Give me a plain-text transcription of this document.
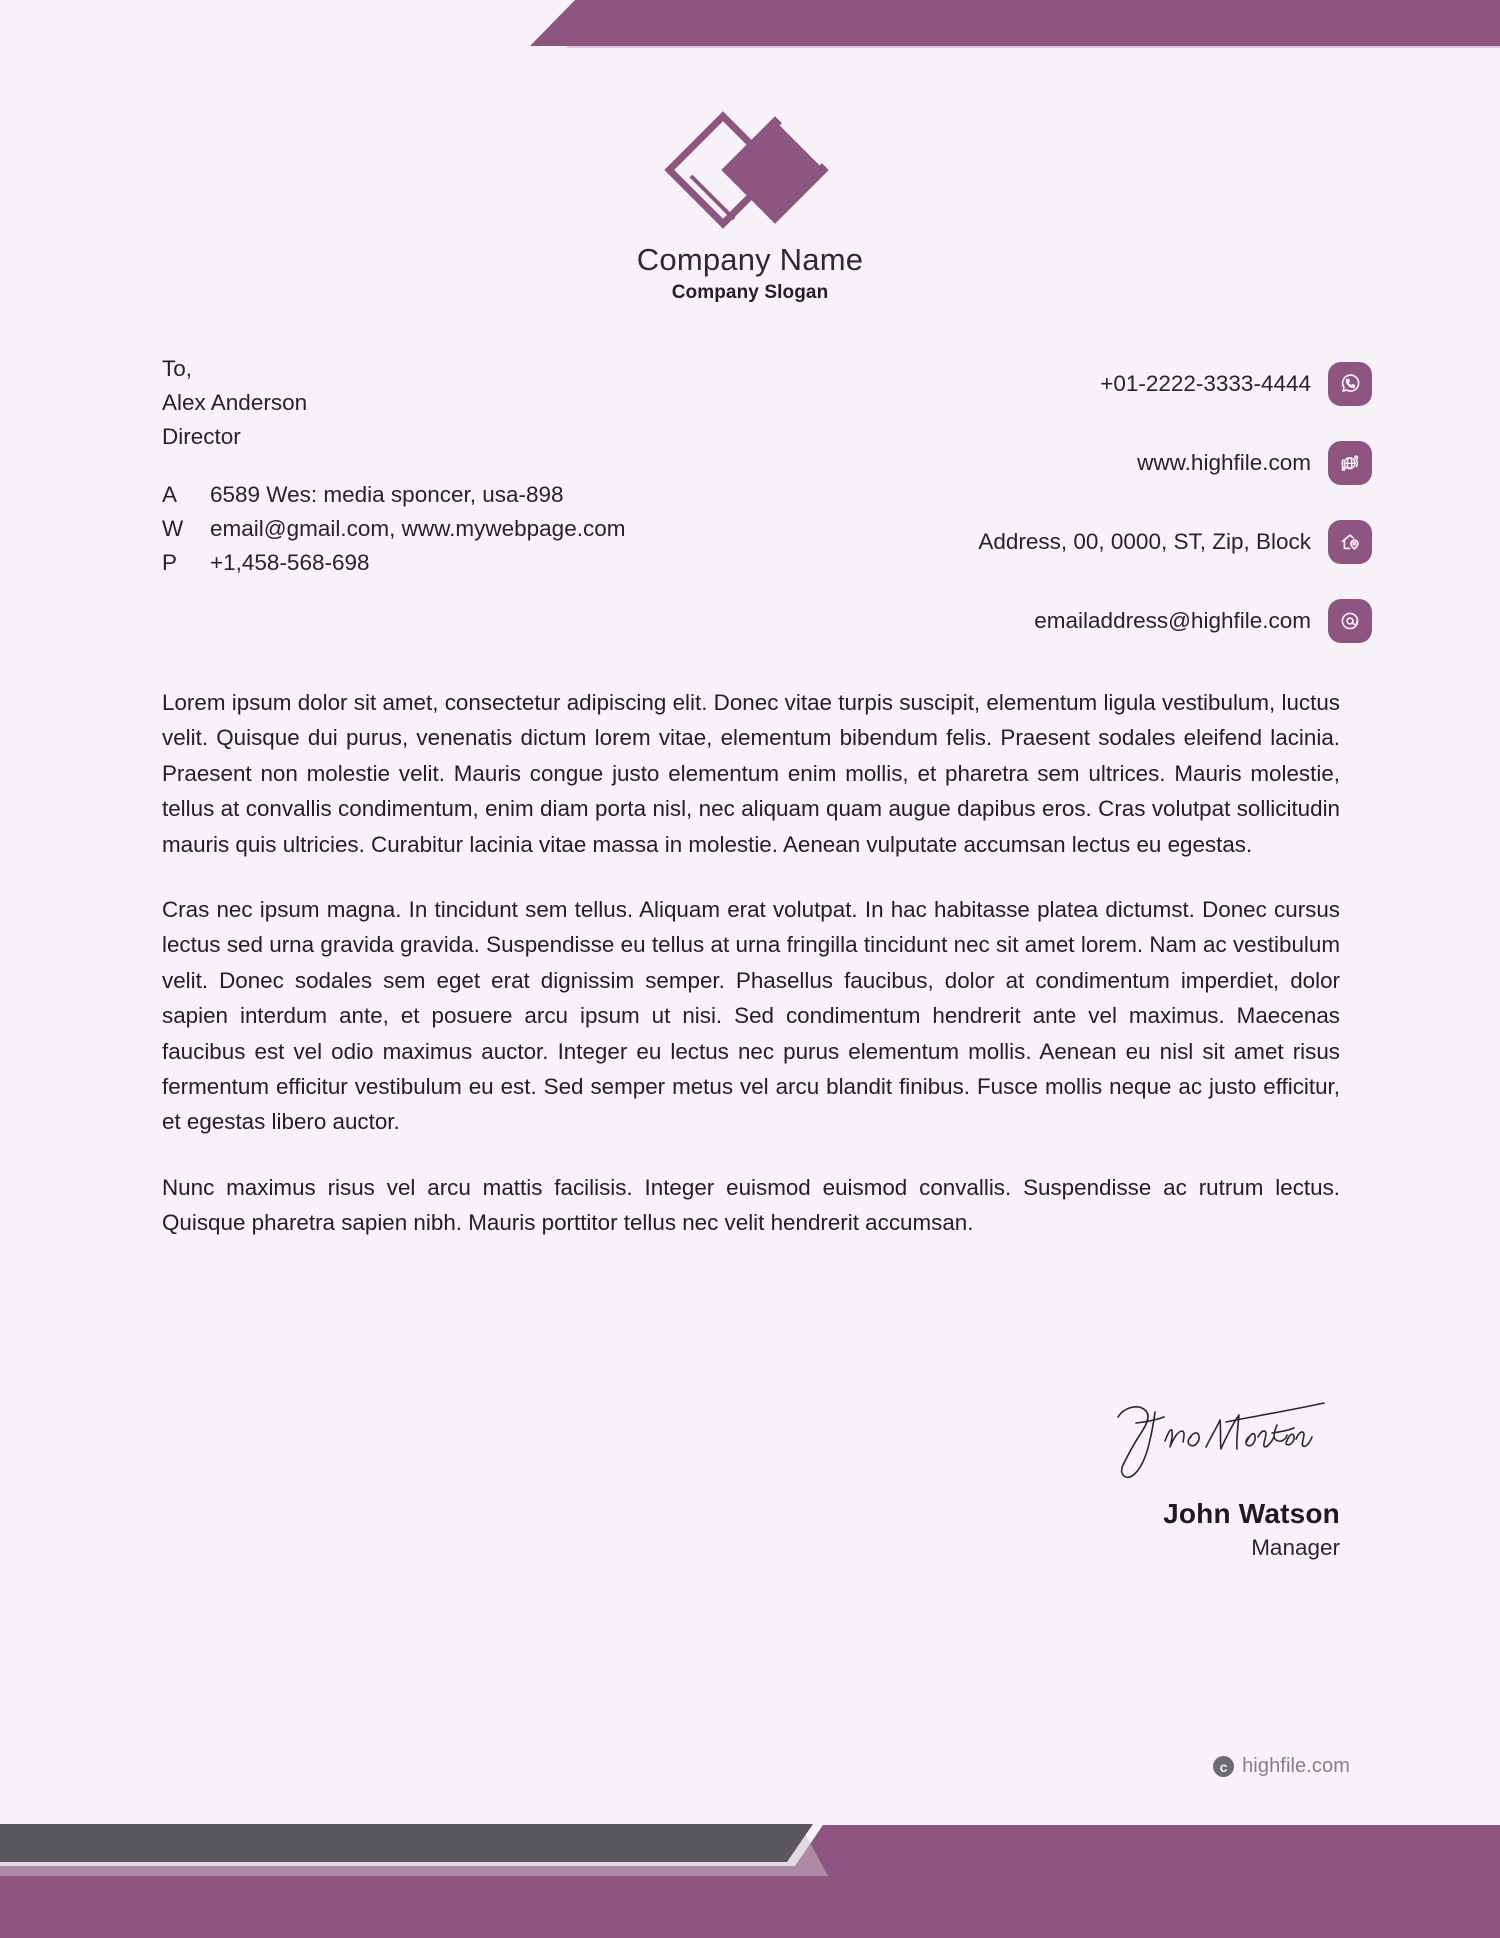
Company Name
Company Slogan
To,
Alex Anderson
Director
A	6589 Wes: media sponcer, usa-898
W	email@gmail.com, www.mywebpage.com
P	+1,458-568-698
+01-2222-3333-4444
www.highfile.com
Address, 00, 0000, ST, Zip, Block
emailaddress@highfile.com

Lorem ipsum dolor sit amet, consectetur adipiscing elit. Donec vitae turpis suscipit, elementum ligula vestibulum, luctus velit. Quisque dui purus, venenatis dictum lorem vitae, elementum bibendum felis. Praesent sodales eleifend lacinia. Praesent non molestie velit. Mauris congue justo elementum enim mollis, et pharetra sem ultrices. Mauris molestie, tellus at convallis condimentum, enim diam porta nisl, nec aliquam quam augue dapibus eros. Cras volutpat sollicitudin mauris quis ultricies. Curabitur lacinia vitae massa in molestie. Aenean vulputate accumsan lectus eu egestas.

Cras nec ipsum magna. In tincidunt sem tellus. Aliquam erat volutpat. In hac habitasse platea dictumst. Donec cursus lectus sed urna gravida gravida. Suspendisse eu tellus at urna fringilla tincidunt nec sit amet lorem. Nam ac vestibulum velit. Donec sodales sem eget erat dignissim semper. Phasellus faucibus, dolor at condimentum imperdiet, dolor sapien interdum ante, et posuere arcu ipsum ut nisi. Sed condimentum hendrerit ante vel maximus. Maecenas faucibus est vel odio maximus auctor. Integer eu lectus nec purus elementum mollis. Aenean eu nisl sit amet risus fermentum efficitur vestibulum eu est. Sed semper metus vel arcu blandit finibus. Fusce mollis neque ac justo efficitur, et egestas libero auctor.

Nunc maximus risus vel arcu mattis facilisis. Integer euismod euismod convallis. Suspendisse ac rutrum lectus. Quisque pharetra sapien nibh. Mauris porttitor tellus nec velit hendrerit accumsan.

John Watson
Manager
c highfile.com
